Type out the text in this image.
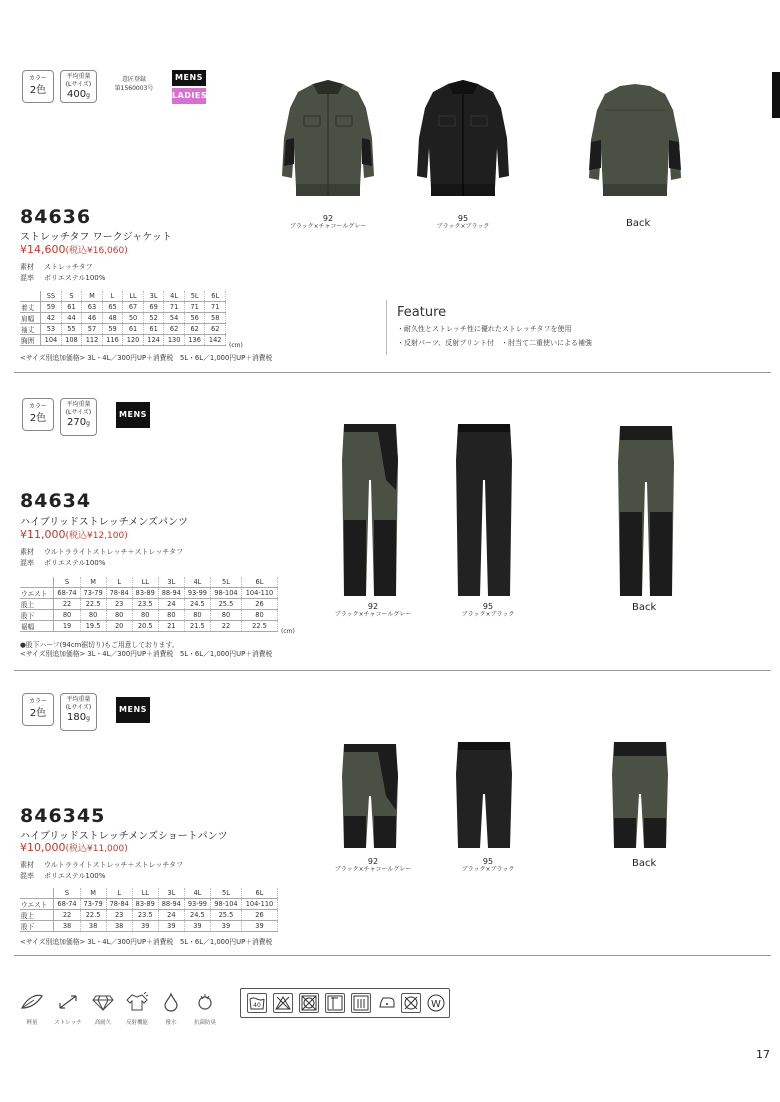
カラー
2色
平均重量
(Lサイズ)
400g
意匠登録
第1560003号
MENS
LADIES
84636
ストレッチタフ ワークジャケット
¥14,600(税込¥16,060)
素材 ストレッチタフ
混率 ポリエステル100%
	SS	S	M	L	LL	3L	4L	5L	6L
着丈	59	61	63	65	67	69	71	71	71
肩幅	42	44	46	48	50	52	54	56	58
袖丈	53	55	57	59	61	61	62	62	62
胸囲	104	108	112	116	120	124	130	136	142
(cm)
<サイズ別追加価格> 3L・4L／300円UP＋消費税　5L・6L／1,000円UP＋消費税
92
ブラック×チャコールグレー
95
ブラック×ブラック	Back
Feature
・耐久性とストレッチ性に優れたストレッチタフを使用
・反射パーツ、反射プリント付　・肘当て二重使いによる補強
カラー
2色
平均重量
(Lサイズ)
270g
MENS
84634
ハイブリッドストレッチメンズパンツ
¥11,000(税込¥12,100)
素材 ウルトラライトストレッチ＋ストレッチタフ
混率 ポリエステル100%
	S	M	L	LL	3L	4L	5L	6L
ウエスト	68-74	73-79	78-84	83-89	88-94	93-99	98-104	104-110
股上	22	22.5	23	23.5	24	24.5	25.5	26
股下	80	80	80	80	80	80	80	80
裾幅	19	19.5	20	20.5	21	21.5	22	22.5
(cm)
●股下ハーフ(94cm裾切り)もご用意しております。
<サイズ別追加価格> 3L・4L／300円UP＋消費税　5L・6L／1,000円UP＋消費税
92
ブラック×チャコールグレー
95
ブラック×ブラック
Back
カラー
2色
平均重量
(Lサイズ)
180g
MENS
846345
ハイブリッドストレッチメンズショートパンツ
¥10,000(税込¥11,000)
素材 ウルトラライトストレッチ＋ストレッチタフ
混率 ポリエステル100%
	S	M	L	LL	3L	4L	5L	6L
ウエスト	68-74	73-79	78-84	83-89	88-94	93-99	98-104	104-110
股上	22	22.5	23	23.5	24	24.5	25.5	26
股下	38	38	38	39	39	39	39	39
<サイズ別追加価格> 3L・4L／300円UP＋消費税　5L・6L／1,000円UP＋消費税
92
ブラック×チャコールグレー
95
ブラック×ブラック
Back
軽量	ストレッチ	高耐久	反射機能	撥水	抗菌防臭
40	W
17
